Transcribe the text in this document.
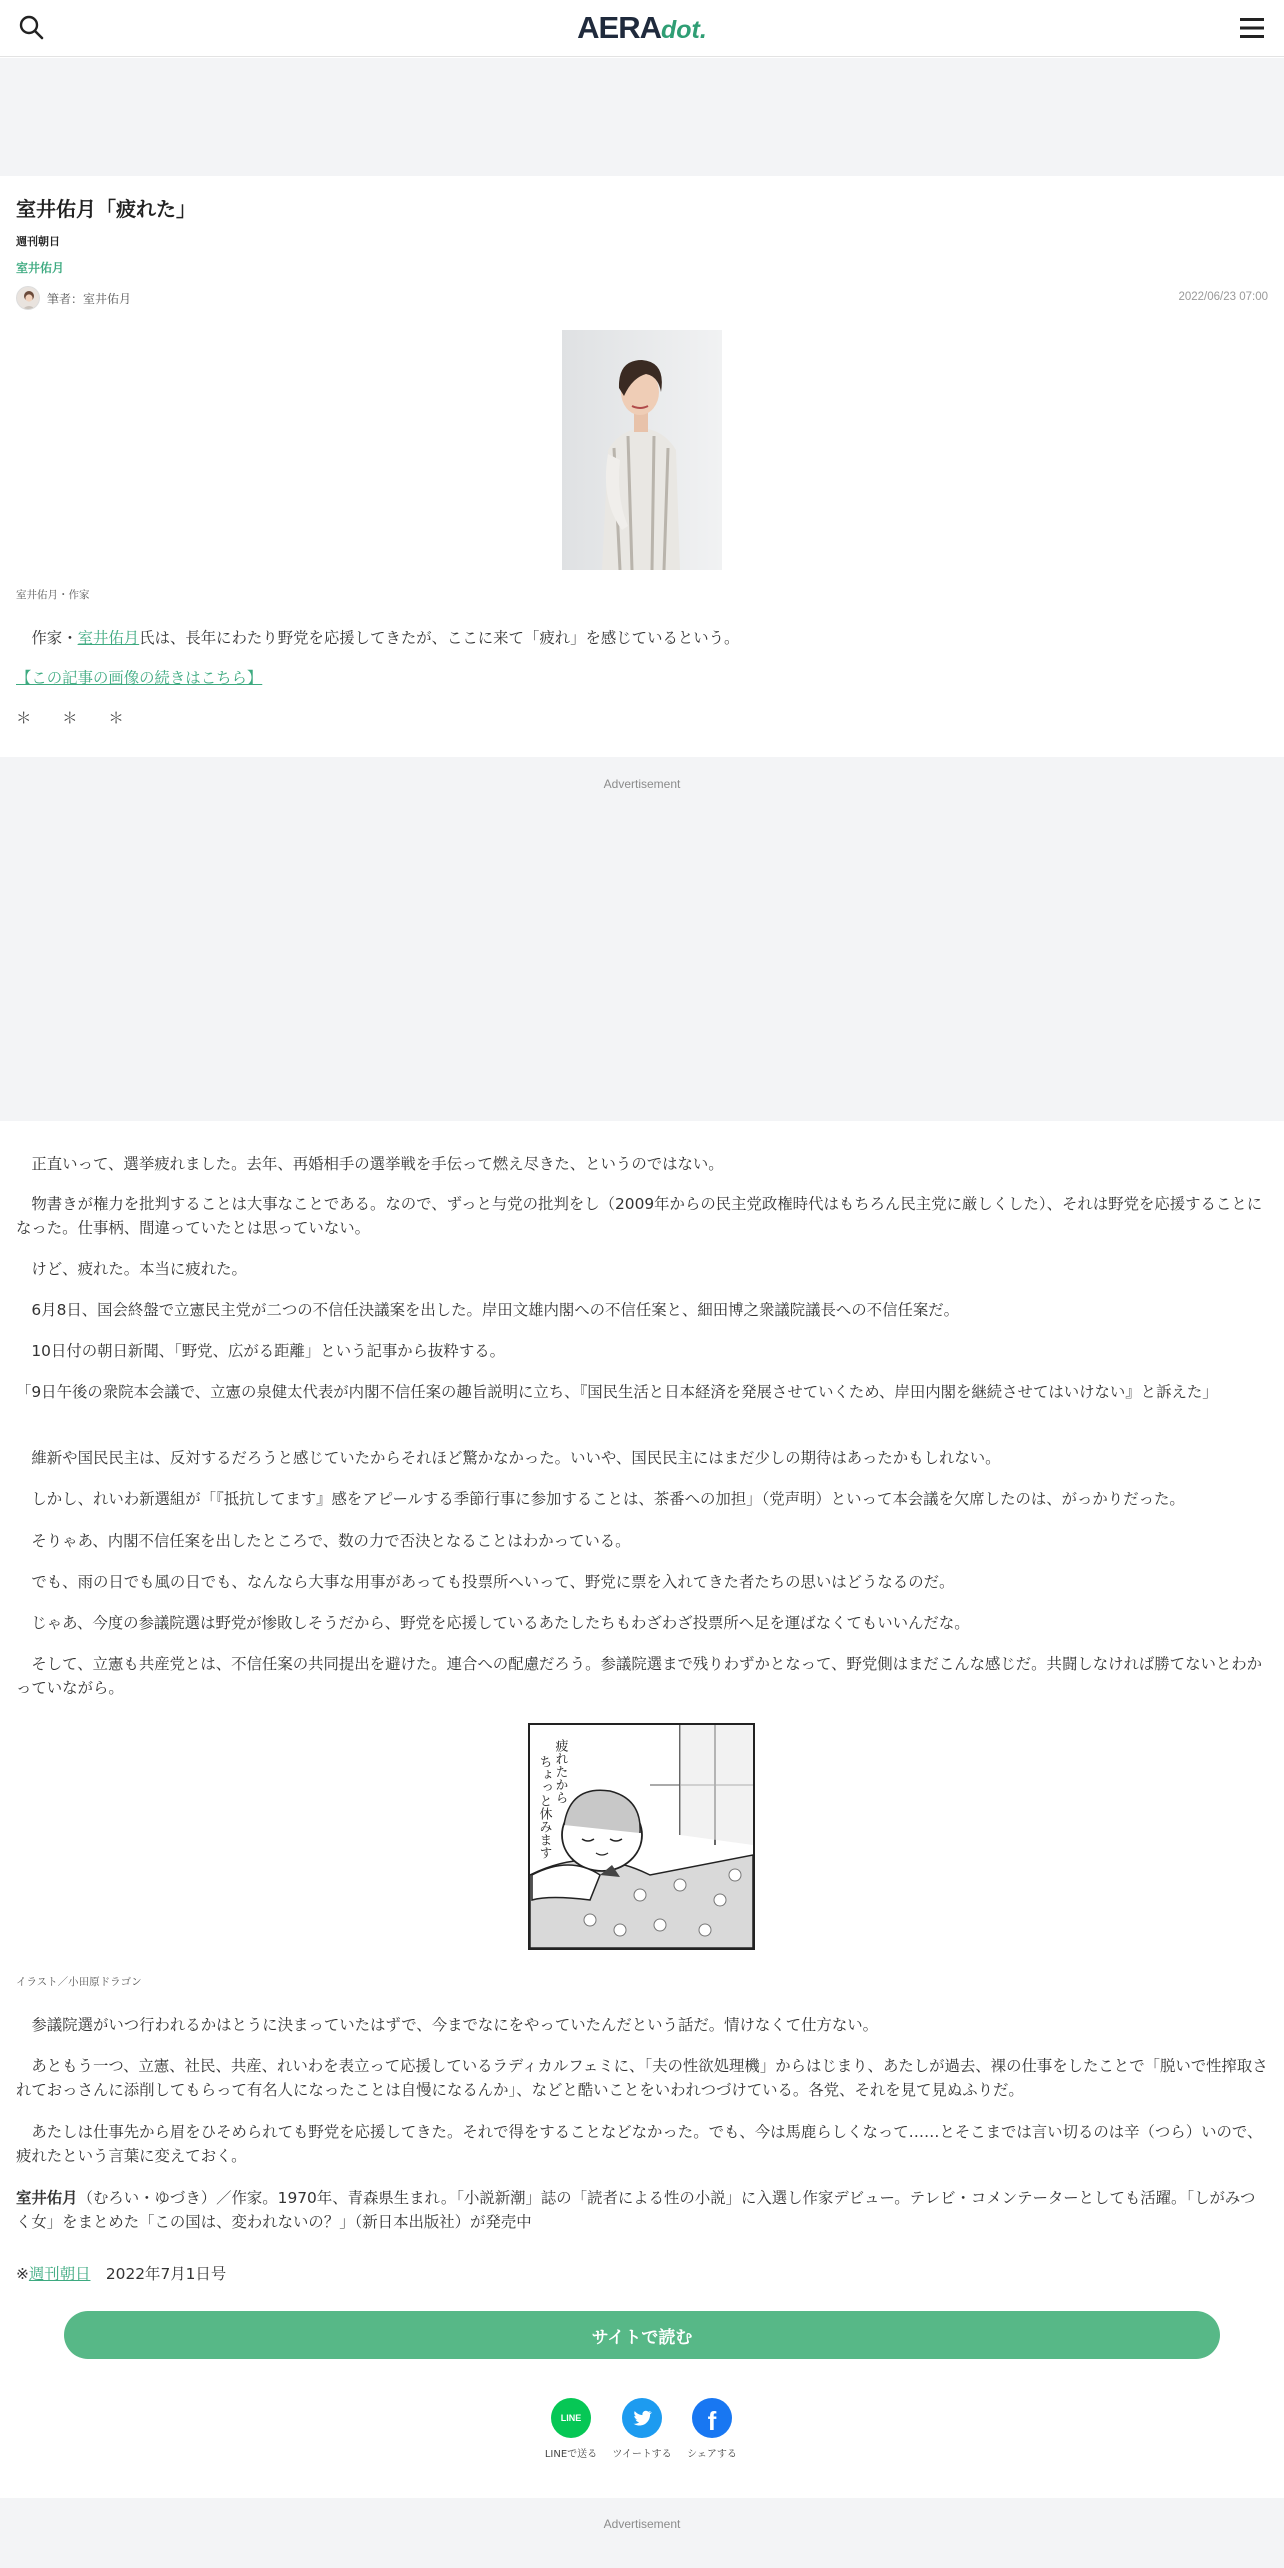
AERAdot.
室井佑月「疲れた」
週刊朝日
室井佑月
筆者：室井佑月	2022/06/23 07:00
室井佑月・作家

　作家・室井佑月氏は、長年にわたり野党を応援してきたが、ここに来て「疲れ」を感じているという。

【この記事の画像の続きはこちら】

＊　　＊　　＊

Advertisement

　正直いって、選挙疲れました。去年、再婚相手の選挙戦を手伝って燃え尽きた、というのではない。

　物書きが権力を批判することは大事なことである。なので、ずっと与党の批判をし（2009年からの民主党政権時代はもちろん民主党に厳しくした）、それは野党を応援することになった。仕事柄、間違っていたとは思っていない。

　けど、疲れた。本当に疲れた。

　6月8日、国会終盤で立憲民主党が二つの不信任決議案を出した。岸田文雄内閣への不信任案と、細田博之衆議院議長への不信任案だ。

　10日付の朝日新聞、「野党、広がる距離」という記事から抜粋する。

「9日午後の衆院本会議で、立憲の泉健太代表が内閣不信任案の趣旨説明に立ち、『国民生活と日本経済を発展させていくため、岸田内閣を継続させてはいけない』と訴えた」

　維新や国民民主は、反対するだろうと感じていたからそれほど驚かなかった。いいや、国民民主にはまだ少しの期待はあったかもしれない。

　しかし、れいわ新選組が「『抵抗してます』感をアピールする季節行事に参加することは、茶番への加担」（党声明）といって本会議を欠席したのは、がっかりだった。

　そりゃあ、内閣不信任案を出したところで、数の力で否決となることはわかっている。

　でも、雨の日でも風の日でも、なんなら大事な用事があっても投票所へいって、野党に票を入れてきた者たちの思いはどうなるのだ。

　じゃあ、今度の参議院選は野党が惨敗しそうだから、野党を応援しているあたしたちもわざわざ投票所へ足を運ばなくてもいいんだな。

　そして、立憲も共産党とは、不信任案の共同提出を避けた。連合への配慮だろう。参議院選まで残りわずかとなって、野党側はまだこんな感じだ。共闘しなければ勝てないとわかっていながら。

疲れたから
ちょっと休みます
イラスト／小田原ドラゴン

　参議院選がいつ行われるかはとうに決まっていたはずで、今までなにをやっていたんだという話だ。情けなくて仕方ない。

　あともう一つ、立憲、社民、共産、れいわを表立って応援しているラディカルフェミに、「夫の性欲処理機」からはじまり、あたしが過去、裸の仕事をしたことで「脱いで性搾取されておっさんに添削してもらって有名人になったことは自慢になるんか」、などと酷いことをいわれつづけている。各党、それを見て見ぬふりだ。

　あたしは仕事先から眉をひそめられても野党を応援してきた。それで得をすることなどなかった。でも、今は馬鹿らしくなって……とそこまでは言い切るのは辛（つら）いので、疲れたという言葉に変えておく。

室井佑月（むろい・ゆづき）／作家。1970年、青森県生まれ。「小説新潮」誌の「読者による性の小説」に入選し作家デビュー。テレビ・コメンテーターとしても活躍。「しがみつく女」をまとめた「この国は、変われないの？」（新日本出版社）が発売中

※週刊朝日　 2022年7月1日号

サイトで読む
LINE
LINEで送る	ツイートする
f
シェアする
Advertisement
